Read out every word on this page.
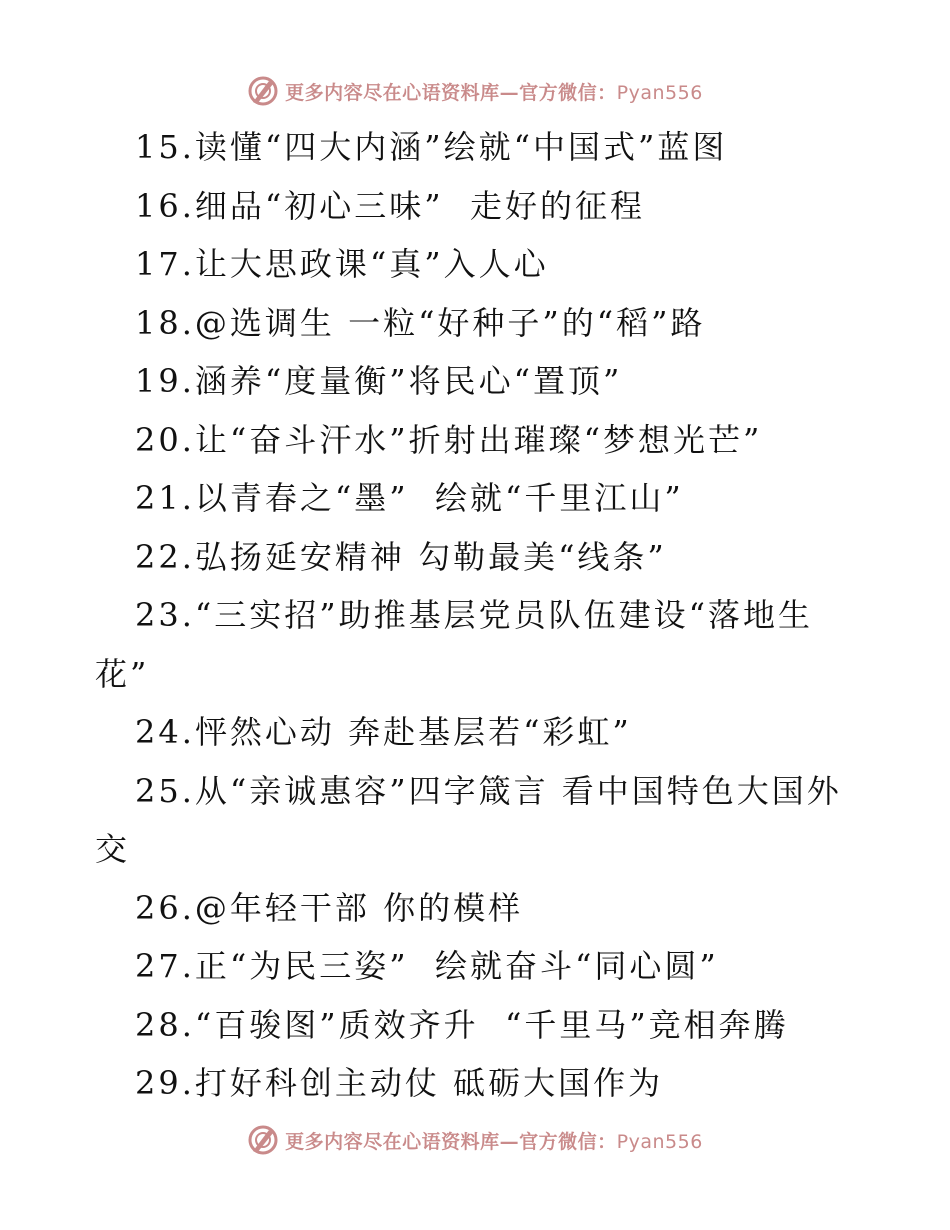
更多内容尽在心语资料库—官方微信：Pyan556
15.读懂“四大内涵”绘就“中国式”蓝图
16.细品“初心三味”  走好的征程
17.让大思政课“真”入人心
18.@选调生 一粒“好种子”的“稻”路
19.涵养“度量衡”将民心“置顶”
20.让“奋斗汗水”折射出璀璨“梦想光芒”
21.以青春之“墨”  绘就“千里江山”
22.弘扬延安精神 勾勒最美“线条”
23.“三实招”助推基层党员队伍建设“落地生
花”
24.怦然心动 奔赴基层若“彩虹”
25.从“亲诚惠容”四字箴言 看中国特色大国外
交
26.@年轻干部 你的模样
27.正“为民三姿”  绘就奋斗“同心圆”
28.“百骏图”质效齐升  “千里马”竞相奔腾
29.打好科创主动仗 砥砺大国作为
更多内容尽在心语资料库—官方微信：Pyan556
